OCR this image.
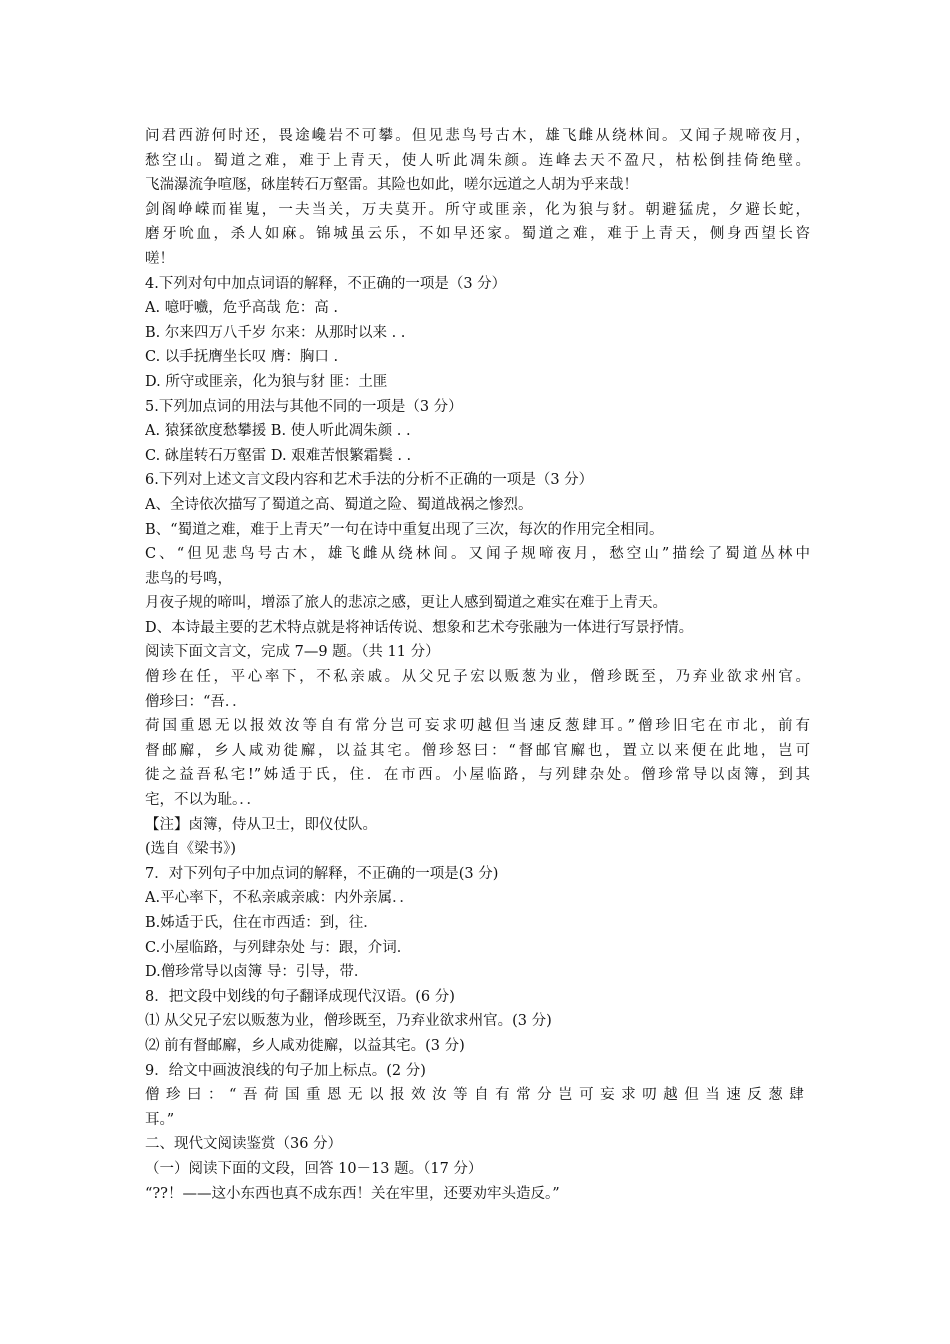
问君西游何时还，畏途巉岩不可攀。但见悲鸟号古木，雄飞雌从绕林间。又闻子规啼夜月，

愁空山。蜀道之难，难于上青天，使人听此凋朱颜。连峰去天不盈尺，枯松倒挂倚绝壁。

飞湍瀑流争喧豗，砯崖转石万壑雷。其险也如此，嗟尔远道之人胡为乎来哉！

剑阁峥嵘而崔嵬，一夫当关，万夫莫开。所守或匪亲，化为狼与豺。朝避猛虎，夕避长蛇，

磨牙吮血，杀人如麻。锦城虽云乐，不如早还家。蜀道之难，难于上青天，侧身西望长咨

嗟！

4.下列对句中加点词语的解释，不正确的一项是（3 分）

A. 噫吁嚱，危乎高哉 危：高 .

B. 尔来四万八千岁 尔来：从那时以来 . .

C. 以手抚膺坐长叹 膺：胸口 .

D. 所守或匪亲，化为狼与豺 匪：土匪

5.下列加点词的用法与其他不同的一项是（3 分）

A. 猿猱欲度愁攀援 B. 使人听此凋朱颜 . .

C. 砯崖转石万壑雷 D. 艰难苦恨繁霜鬓 . .

6.下列对上述文言文段内容和艺术手法的分析不正确的一项是（3 分）

A、全诗依次描写了蜀道之高、蜀道之险、蜀道战祸之惨烈。

B、“蜀道之难，难于上青天”一句在诗中重复出现了三次，每次的作用完全相同。

C、“但见悲鸟号古木，雄飞雌从绕林间。又闻子规啼夜月，愁空山”描绘了蜀道丛林中

悲鸟的号鸣，

月夜子规的啼叫，增添了旅人的悲凉之感，更让人感到蜀道之难实在难于上青天。

D、本诗最主要的艺术特点就是将神话传说、想象和艺术夸张融为一体进行写景抒情。

阅读下面文言文，完成 7—9 题。（共 11 分）

僧珍在任，平心率下，不私亲戚。从父兄子宏以贩葱为业，僧珍既至，乃弃业欲求州官。

僧珍曰：“吾．．

荷国重恩无以报效汝等自有常分岂可妄求叨越但当速反葱肆耳。”僧珍旧宅在市北，前有

督邮廨，乡人咸劝徙廨，以益其宅。僧珍怒曰：“督邮官廨也，置立以来便在此地，岂可

徙之益吾私宅!”姊适于氏，住．在市西。小屋临路，与列肆杂处。僧珍常导以卤簿，到其

宅，不以为耻。．．

【注】卤簿，侍从卫士，即仪仗队。

(选自《梁书》)

7．对下列句子中加点词的解释，不正确的一项是(3 分)

A.平心率下，不私亲戚亲戚：内外亲属．．

B.姊适于氏，住在市西适：到，往．

C.小屋临路，与列肆杂处 与：跟，介词．

D.僧珍常导以卤簿 导：引导，带．

8．把文段中划线的句子翻译成现代汉语。(6 分)

⑴ 从父兄子宏以贩葱为业，僧珍既至，乃弃业欲求州官。(3 分)

⑵ 前有督邮廨，乡人咸劝徙廨，以益其宅。(3 分)

9．给文中画波浪线的句子加上标点。(2 分)

僧珍曰：“吾荷国重恩无以报效汝等自有常分岂可妄求叨越但当速反葱肆

耳。”

二、现代文阅读鉴赏（36 分）

（一）阅读下面的文段，回答 10－13 题。（17 分）

“??！——这小东西也真不成东西！关在牢里，还要劝牢头造反。”
